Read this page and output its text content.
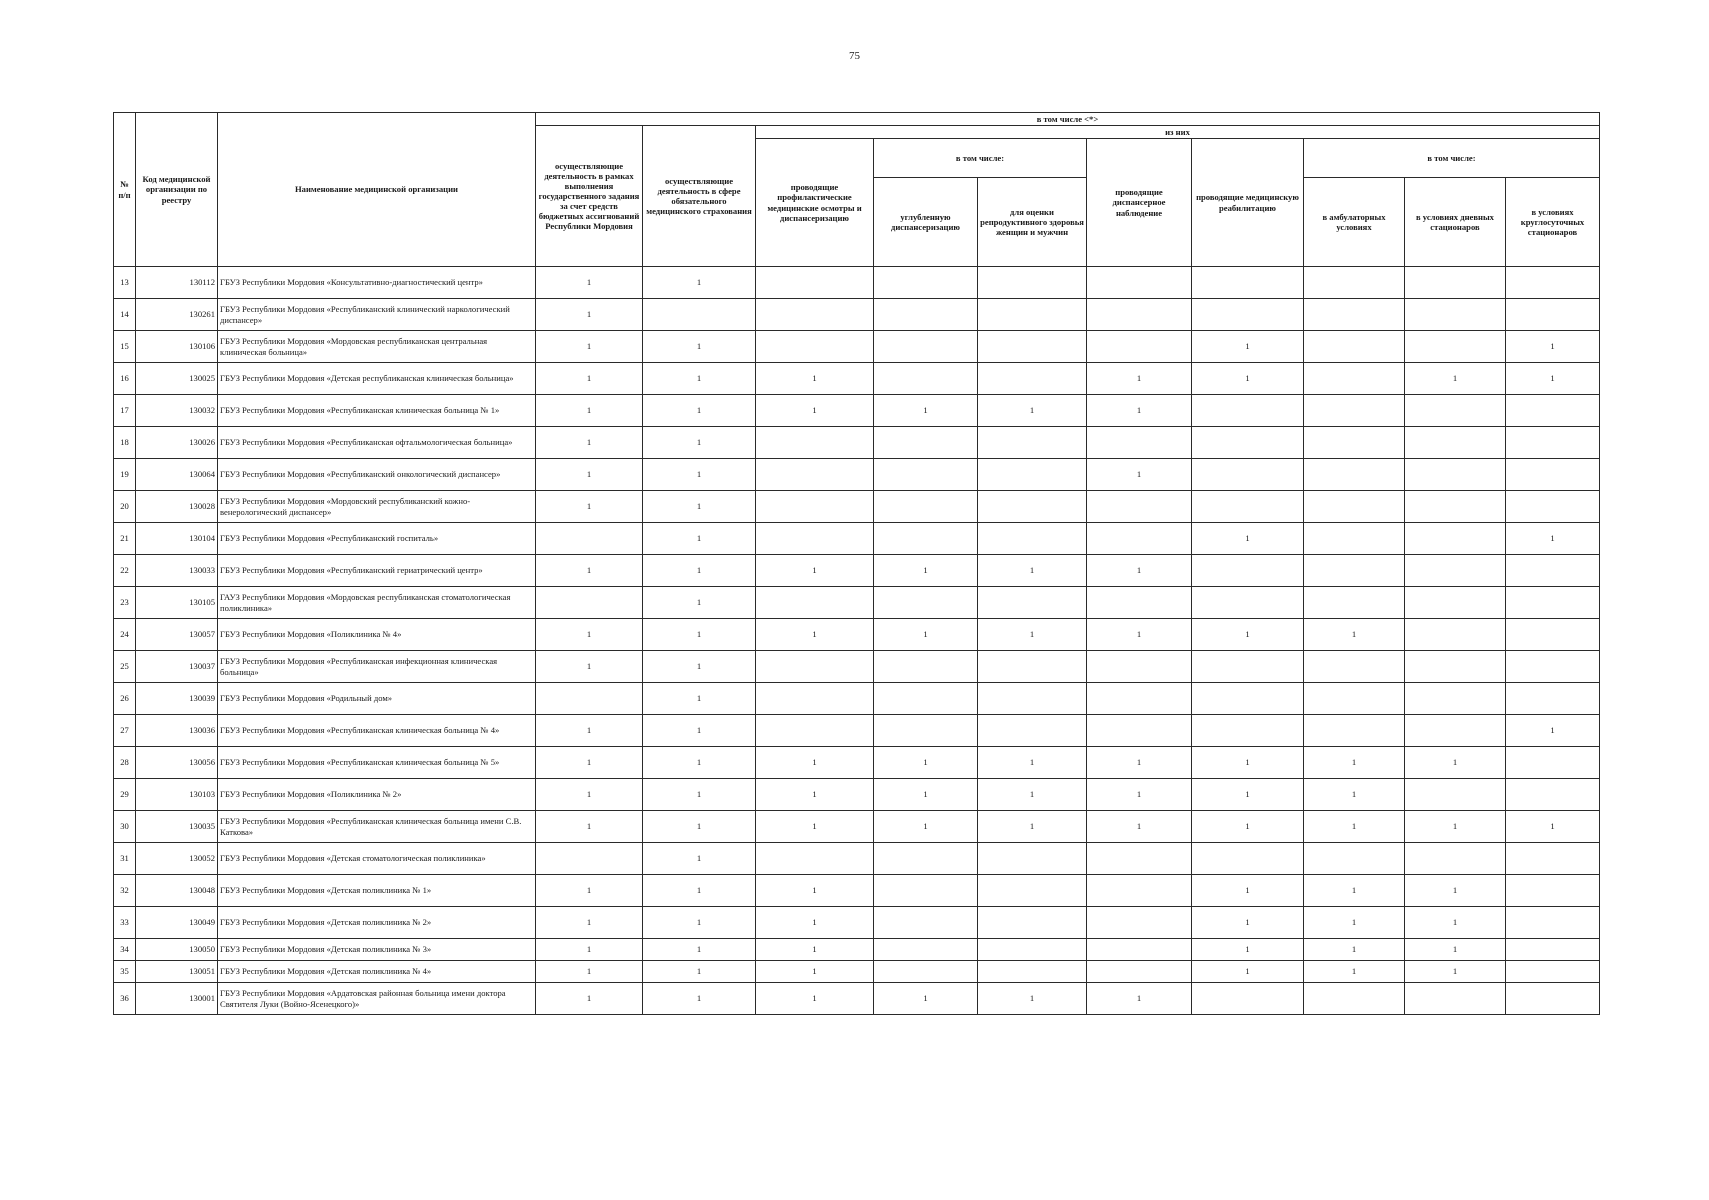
75
№ п/п	Код медицинской организации по реестру	Наименование медицинской организации	в том числе <*>									
			осуществляющие деятельность в рамках выполнения государственного задания за счет средств бюджетных ассигнований Республики Мордовия	осуществляющие деятельность в сфере обязательного медицинского страхования	из них							
					проводящие профилактические медицинские осмотры и диспансеризацию	в том числе:		проводящие диспансерное наблюдение	проводящие медицинскую реабилитацию	в том числе:		
						углубленную диспансеризацию	для оценки репродуктивного здоровья женщин и мужчин			в амбулаторных условиях	в условиях дневных стационаров	в условиях круглосуточных стационаров
13	130112	ГБУЗ Республики Мордовия «Консультативно-диагностический центр»	1	1								
14	130261	ГБУЗ Республики Мордовия «Республиканский клинический наркологический диспансер»	1									
15	130106	ГБУЗ Республики Мордовия «Мордовская республиканская центральная клиническая больница»	1	1					1			1
16	130025	ГБУЗ Республики Мордовия «Детская республиканская клиническая больница»	1	1	1			1	1		1	1
17	130032	ГБУЗ Республики Мордовия «Республиканская клиническая больница № 1»	1	1	1	1	1	1				
18	130026	ГБУЗ Республики Мордовия «Республиканская офтальмологическая больница»	1	1								
19	130064	ГБУЗ Республики Мордовия «Республиканский онкологический диспансер»	1	1				1				
20	130028	ГБУЗ Республики Мордовия «Мордовский республиканский кожно-венерологический диспансер»	1	1								
21	130104	ГБУЗ Республики Мордовия «Республиканский госпиталь»		1					1			1
22	130033	ГБУЗ Республики Мордовия «Республиканский гериатрический центр»	1	1	1	1	1	1				
23	130105	ГАУЗ Республики Мордовия «Мордовская республиканская стоматологическая поликлиника»		1								
24	130057	ГБУЗ Республики Мордовия «Поликлиника № 4»	1	1	1	1	1	1	1	1		
25	130037	ГБУЗ Республики Мордовия «Республиканская инфекционная клиническая больница»	1	1								
26	130039	ГБУЗ Республики Мордовия «Родильный дом»		1								
27	130036	ГБУЗ Республики Мордовия «Республиканская клиническая больница № 4»	1	1								1
28	130056	ГБУЗ Республики Мордовия «Республиканская клиническая больница № 5»	1	1	1	1	1	1	1	1	1	
29	130103	ГБУЗ Республики Мордовия «Поликлиника № 2»	1	1	1	1	1	1	1	1		
30	130035	ГБУЗ Республики Мордовия «Республиканская клиническая больница имени С.В. Каткова»	1	1	1	1	1	1	1	1	1	1
31	130052	ГБУЗ Республики Мордовия «Детская стоматологическая поликлиника»		1								
32	130048	ГБУЗ Республики Мордовия «Детская поликлиника № 1»	1	1	1				1	1	1	
33	130049	ГБУЗ Республики Мордовия «Детская поликлиника № 2»	1	1	1				1	1	1	
34	130050	ГБУЗ Республики Мордовия «Детская поликлиника № 3»	1	1	1				1	1	1	
35	130051	ГБУЗ Республики Мордовия «Детская поликлиника № 4»	1	1	1				1	1	1	
36	130001	ГБУЗ Республики Мордовия «Ардатовская районная больница имени доктора Святителя Луки (Войно-Ясенецкого)»	1	1	1	1	1	1				
